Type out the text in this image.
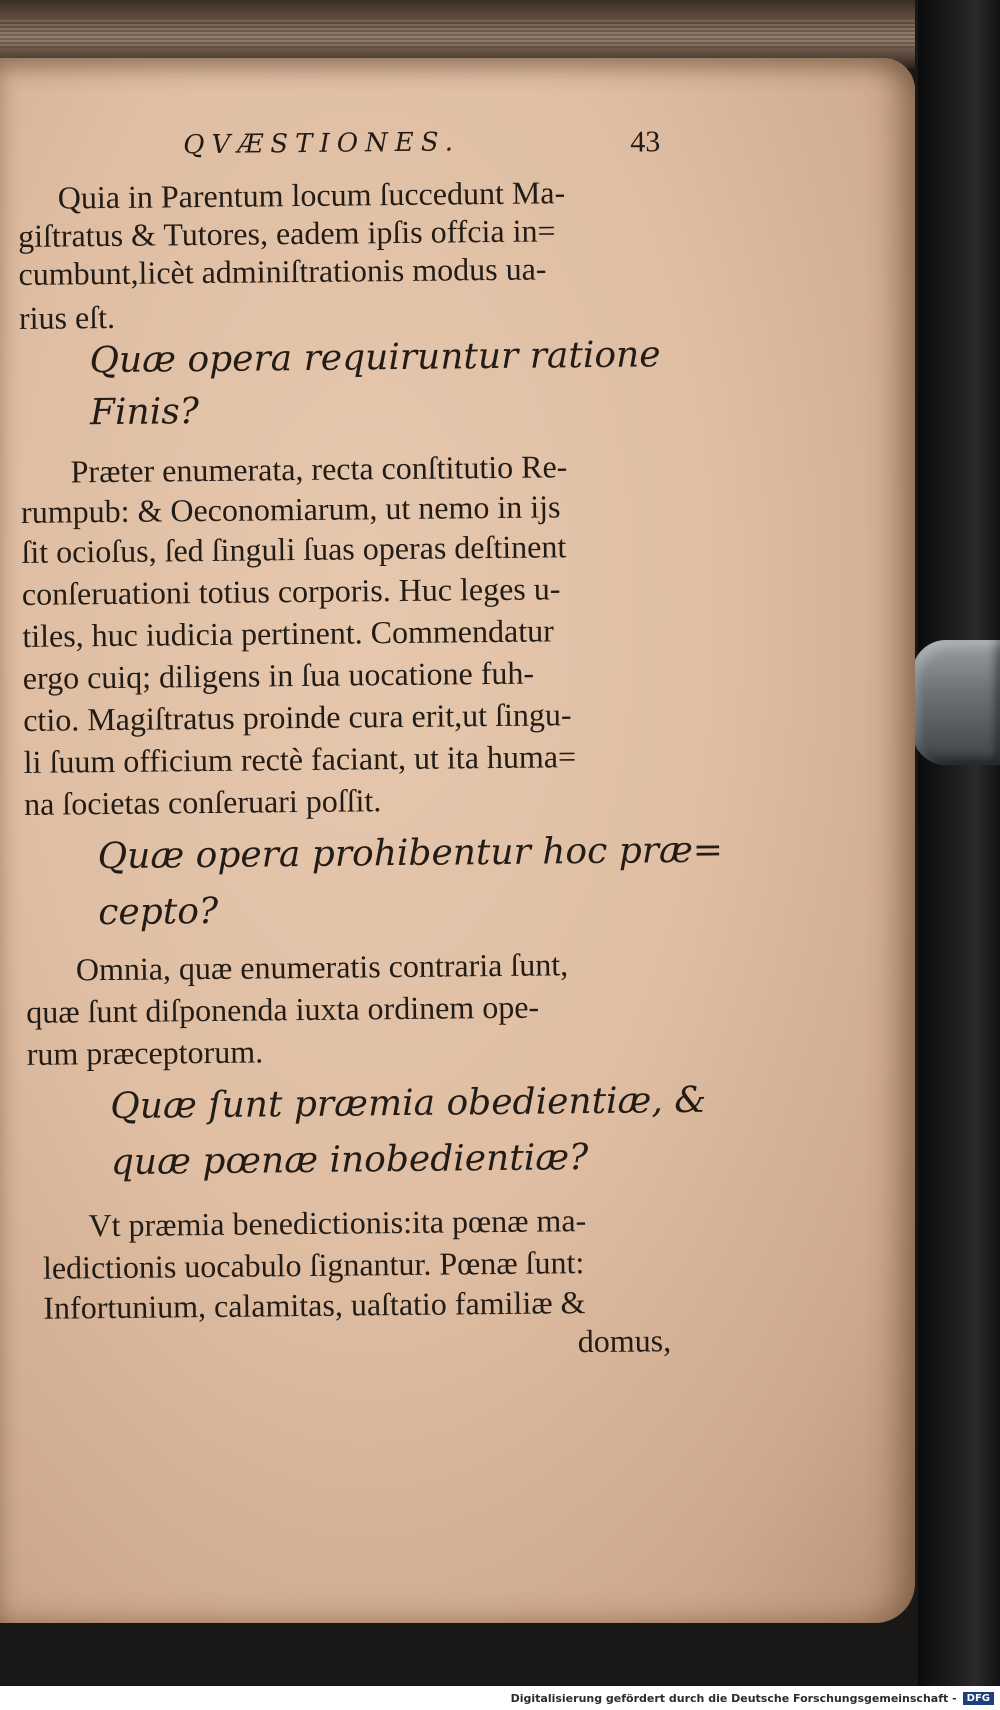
QVÆSTIONES.	43
Quia in Parentum locum ſuccedunt Ma-
giſtratus & Tutores, eadem ipſis offcia in=
cumbunt,licèt adminiſtrationis modus ua-
rius eſt.
Quæ opera requiruntur ratione
Finis?
Præter enumerata, recta conſtitutio Re-
rumpub: & Oeconomiarum, ut nemo in ijs
ſit ocioſus, ſed ſinguli ſuas operas deſtinent
conſeruationi totius corporis. Huc leges u-
tiles, huc iudicia pertinent. Commendatur
ergo cuiq; diligens in ſua uocatione fuh-
ctio. Magiſtratus proinde cura erit,ut ſingu-
li ſuum officium rectè faciant, ut ita huma=
na ſocietas conſeruari poſſit.
Quæ opera prohibentur hoc præ=
cepto?
Omnia, quæ enumeratis contraria ſunt,
quæ ſunt diſponenda iuxta ordinem ope-
rum præceptorum.
Quæ ſunt præmia obedientiæ, &
quæ pœnæ inobedientiæ?
Vt præmia benedictionis:ita pœnæ ma-
ledictionis uocabulo ſignantur. Pœnæ ſunt:
Infortunium, calamitas, uaſtatio familiæ &
domus,
Digitalisierung gefördert durch die Deutsche Forschungsgemeinschaft -	DFG
